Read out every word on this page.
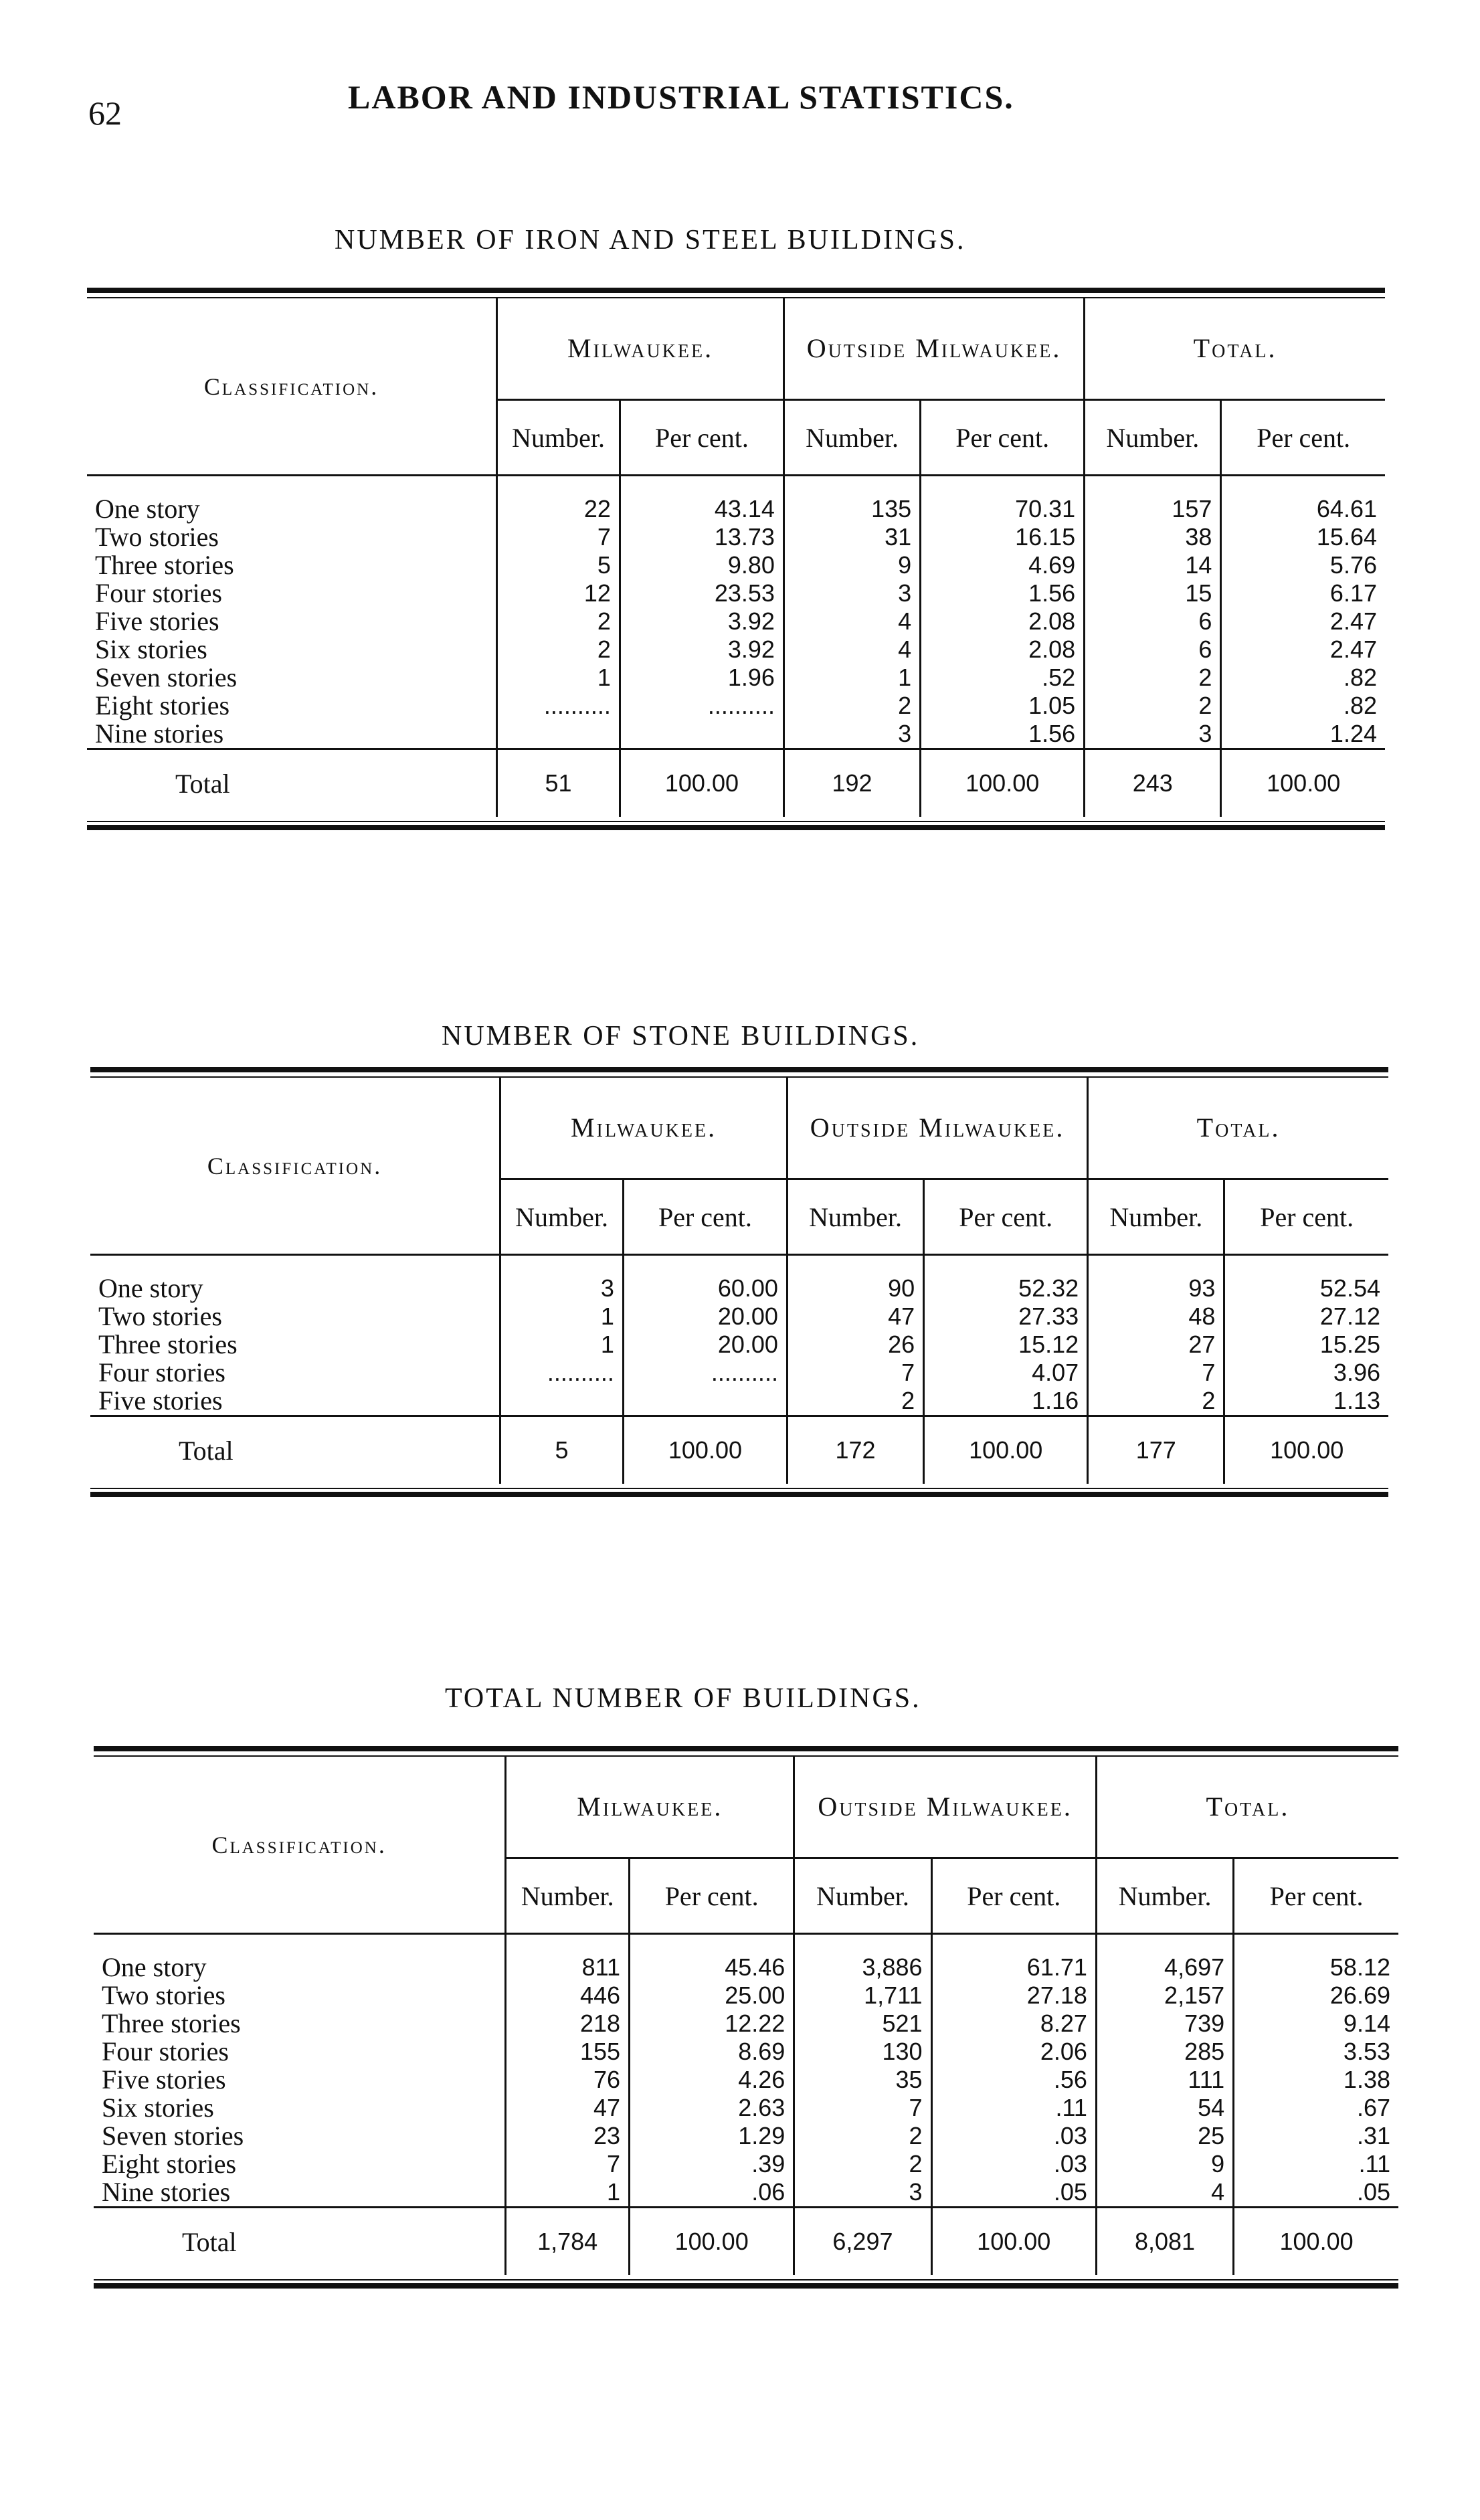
62	LABOR AND INDUSTRIAL STATISTICS.
NUMBER OF IRON AND STEEL BUILDINGS.
Classification.	Milwaukee.		Outside Milwaukee.		Total.	
	Number.	Per cent.	Number.	Per cent.	Number.	Per cent.
One story	22	43.14	135	70.31	157	64.61
Two stories	7	13.73	31	16.15	38	15.64
Three stories	5	9.80	9	4.69	14	5.76
Four stories	12	23.53	3	1.56	15	6.17
Five stories	2	3.92	4	2.08	6	2.47
Six stories	2	3.92	4	2.08	6	2.47
Seven stories	1	1.96	1	.52	2	.82
Eight stories	..........	..........	2	1.05	2	.82
Nine stories			3	1.56	3	1.24
Total	51	100.00	192	100.00	243	100.00
NUMBER OF STONE BUILDINGS.
Classification.	Milwaukee.		Outside Milwaukee.		Total.	
	Number.	Per cent.	Number.	Per cent.	Number.	Per cent.
One story	3	60.00	90	52.32	93	52.54
Two stories	1	20.00	47	27.33	48	27.12
Three stories	1	20.00	26	15.12	27	15.25
Four stories	..........	..........	7	4.07	7	3.96
Five stories			2	1.16	2	1.13
Total	5	100.00	172	100.00	177	100.00
TOTAL NUMBER OF BUILDINGS.
Classification.	Milwaukee.		Outside Milwaukee.		Total.	
	Number.	Per cent.	Number.	Per cent.	Number.	Per cent.
One story	811	45.46	3,886	61.71	4,697	58.12
Two stories	446	25.00	1,711	27.18	2,157	26.69
Three stories	218	12.22	521	8.27	739	9.14
Four stories	155	8.69	130	2.06	285	3.53
Five stories	76	4.26	35	.56	111	1.38
Six stories	47	2.63	7	.11	54	.67
Seven stories	23	1.29	2	.03	25	.31
Eight stories	7	.39	2	.03	9	.11
Nine stories	1	.06	3	.05	4	.05
Total	1,784	100.00	6,297	100.00	8,081	100.00
